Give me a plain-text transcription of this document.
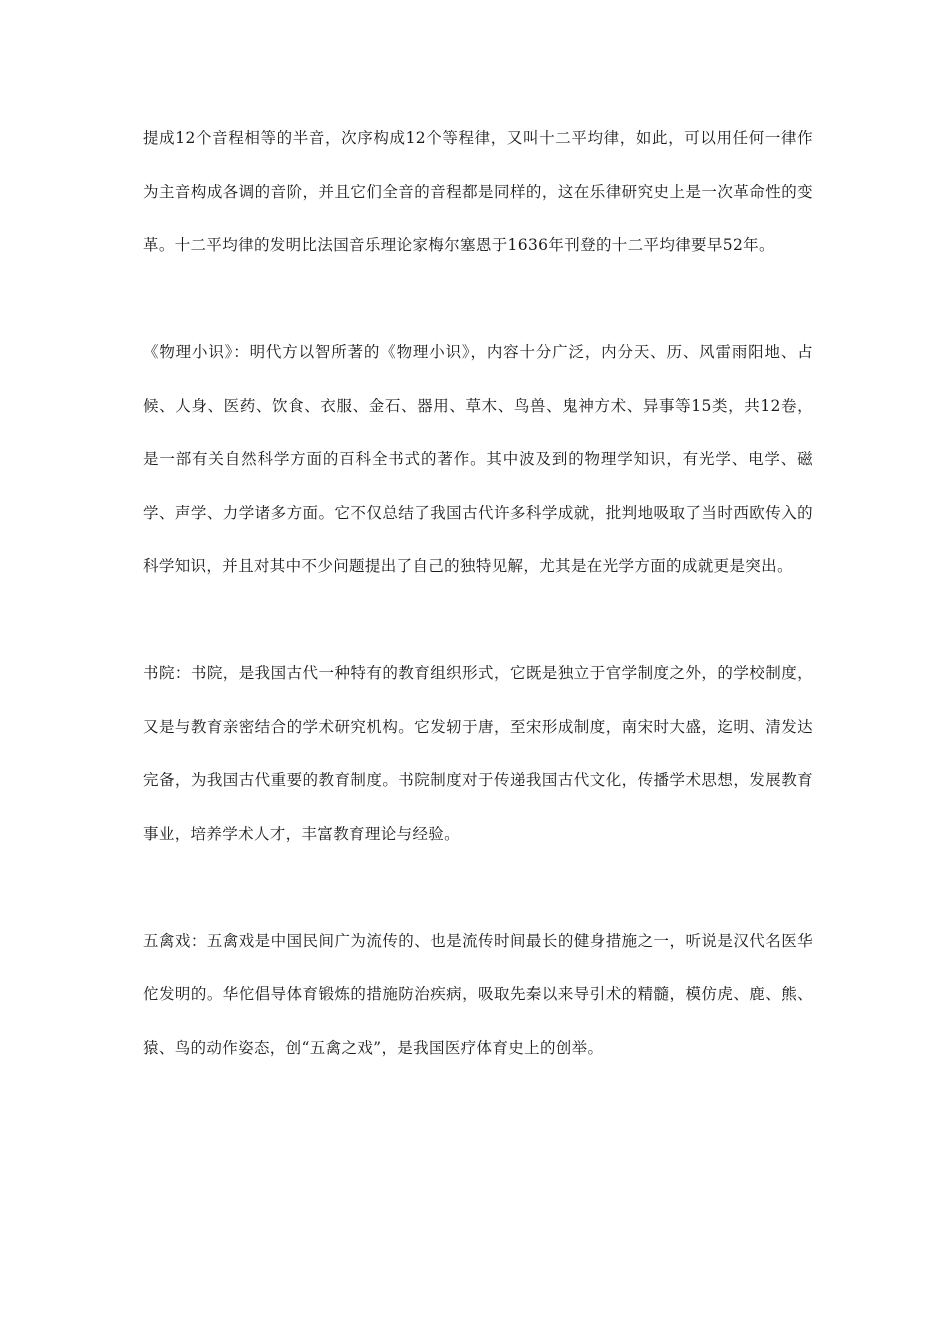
提成12个音程相等的半音，次序构成12个等程律，又叫十二平均律，如此，可以用任何一律作为主音构成各调的音阶，并且它们全音的音程都是同样的，这在乐律研究史上是一次革命性的变革。十二平均律的发明比法国音乐理论家梅尔塞恩于1636年刊登的十二平均律要早52年。

《物理小识》：明代方以智所著的《物理小识》，内容十分广泛，内分天、历、风雷雨阳地、占候、人身、医药、饮食、衣服、金石、器用、草木、鸟兽、鬼神方术、异事等15类，共12卷，是一部有关自然科学方面的百科全书式的著作。其中波及到的物理学知识，有光学、电学、磁学、声学、力学诸多方面。它不仅总结了我国古代许多科学成就，批判地吸取了当时西欧传入的科学知识，并且对其中不少问题提出了自己的独特见解，尤其是在光学方面的成就更是突出。

书院：书院，是我国古代一种特有的教育组织形式，它既是独立于官学制度之外，的学校制度，又是与教育亲密结合的学术研究机构。它发轫于唐，至宋形成制度，南宋时大盛，迄明、清发达完备，为我国古代重要的教育制度。书院制度对于传递我国古代文化，传播学术思想，发展教育事业，培养学术人才，丰富教育理论与经验。

五禽戏：五禽戏是中国民间广为流传的、也是流传时间最长的健身措施之一，听说是汉代名医华佗发明的。华佗倡导体育锻炼的措施防治疾病，吸取先秦以来导引术的精髓，模仿虎、鹿、熊、猿、鸟的动作姿态，创“五禽之戏”，是我国医疗体育史上的创举。
